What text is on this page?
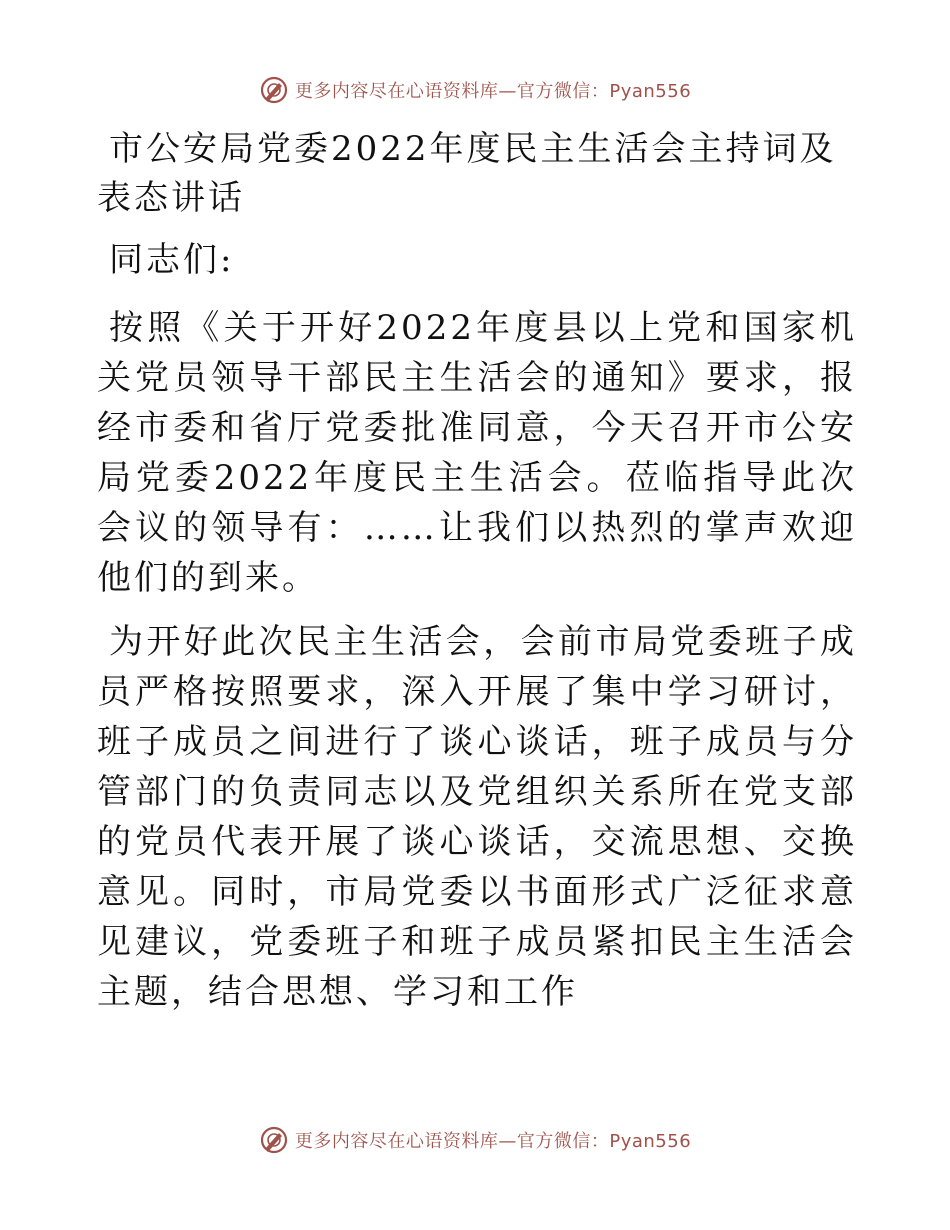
更多内容尽在心语资料库—官方微信：Pyan556
市公安局党委2022年度民主生活会主持词及表态讲话

同志们:

按照《关于开好2022年度县以上党和国家机关党员领导干部民主生活会的通知》要求，报经市委和省厅党委批准同意，今天召开市公安局党委2022年度民主生活会。莅临指导此次会议的领导有：……让我们以热烈的掌声欢迎他们的到来。

为开好此次民主生活会，会前市局党委班子成员严格按照要求，深入开展了集中学习研讨，班子成员之间进行了谈心谈话，班子成员与分管部门的负责同志以及党组织关系所在党支部的党员代表开展了谈心谈话，交流思想、交换意见。同时，市局党委以书面形式广泛征求意见建议，党委班子和班子成员紧扣民主生活会主题，结合思想、学习和工作

更多内容尽在心语资料库—官方微信：Pyan556
